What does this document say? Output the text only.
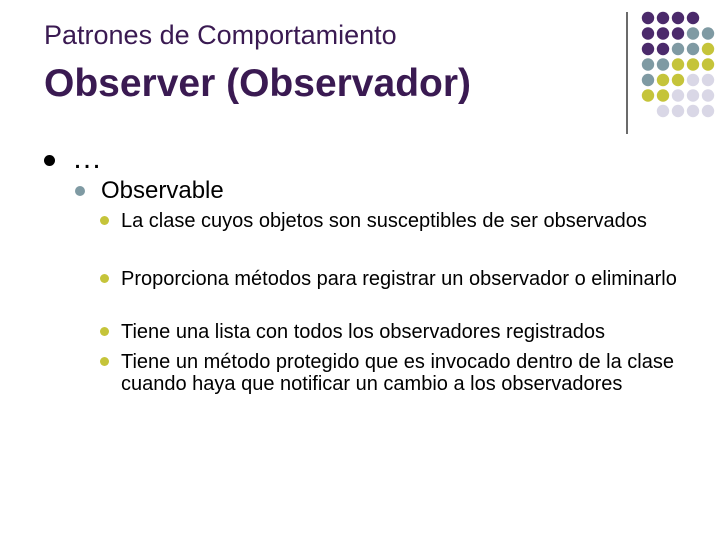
Patrones de Comportamiento
Observer (Observador)
…
Observable
La clase cuyos objetos son susceptibles de ser observados
Proporciona métodos para registrar un observador o eliminarlo
Tiene una lista con todos los observadores registrados
Tiene un método protegido que es invocado dentro de la clase cuando haya que notificar un cambio a los observadores
